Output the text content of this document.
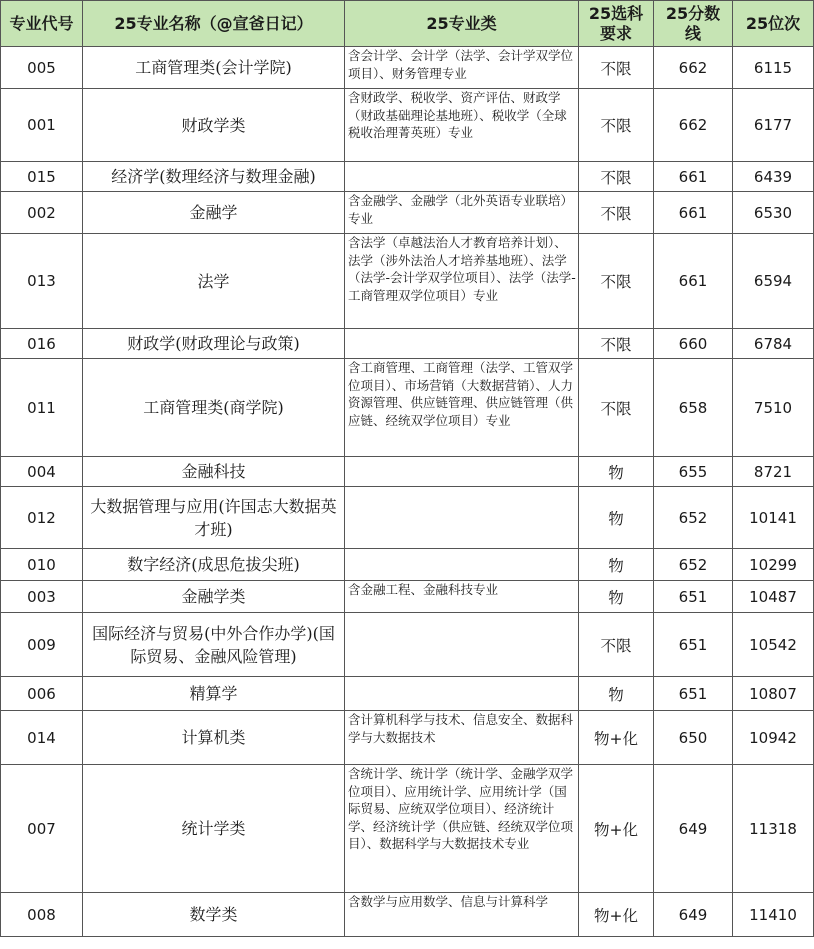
专业代号	25专业名称（@宣爸日记）	25专业类	25选科要求	25分数线	25位次
005	工商管理类(会计学院)	含会计学、会计学（法学、会计学双学位项目）、财务管理专业	不限	662	6115
001	财政学类	含财政学、税收学、资产评估、财政学（财政基础理论基地班）、税收学（全球税收治理菁英班）专业	不限	662	6177
015	经济学(数理经济与数理金融)		不限	661	6439
002	金融学	含金融学、金融学（北外英语专业联培）专业	不限	661	6530
013	法学	含法学（卓越法治人才教育培养计划）、法学（涉外法治人才培养基地班）、法学（法学-会计学双学位项目）、法学（法学-工商管理双学位项目）专业	不限	661	6594
016	财政学(财政理论与政策)		不限	660	6784
011	工商管理类(商学院)	含工商管理、工商管理（法学、工管双学位项目）、市场营销（大数据营销）、人力资源管理、供应链管理、供应链管理（供应链、经统双学位项目）专业	不限	658	7510
004	金融科技		物	655	8721
012	大数据管理与应用(许国志大数据英才班)		物	652	10141
010	数字经济(成思危拔尖班)		物	652	10299
003	金融学类	含金融工程、金融科技专业	物	651	10487
009	国际经济与贸易(中外合作办学)(国际贸易、金融风险管理)		不限	651	10542
006	精算学		物	651	10807
014	计算机类	含计算机科学与技术、信息安全、数据科学与大数据技术	物+化	650	10942
007	统计学类	含统计学、统计学（统计学、金融学双学位项目）、应用统计学、应用统计学（国际贸易、应统双学位项目）、经济统计学、经济统计学（供应链、经统双学位项目）、数据科学与大数据技术专业	物+化	649	11318
008	数学类	含数学与应用数学、信息与计算科学	物+化	649	11410
